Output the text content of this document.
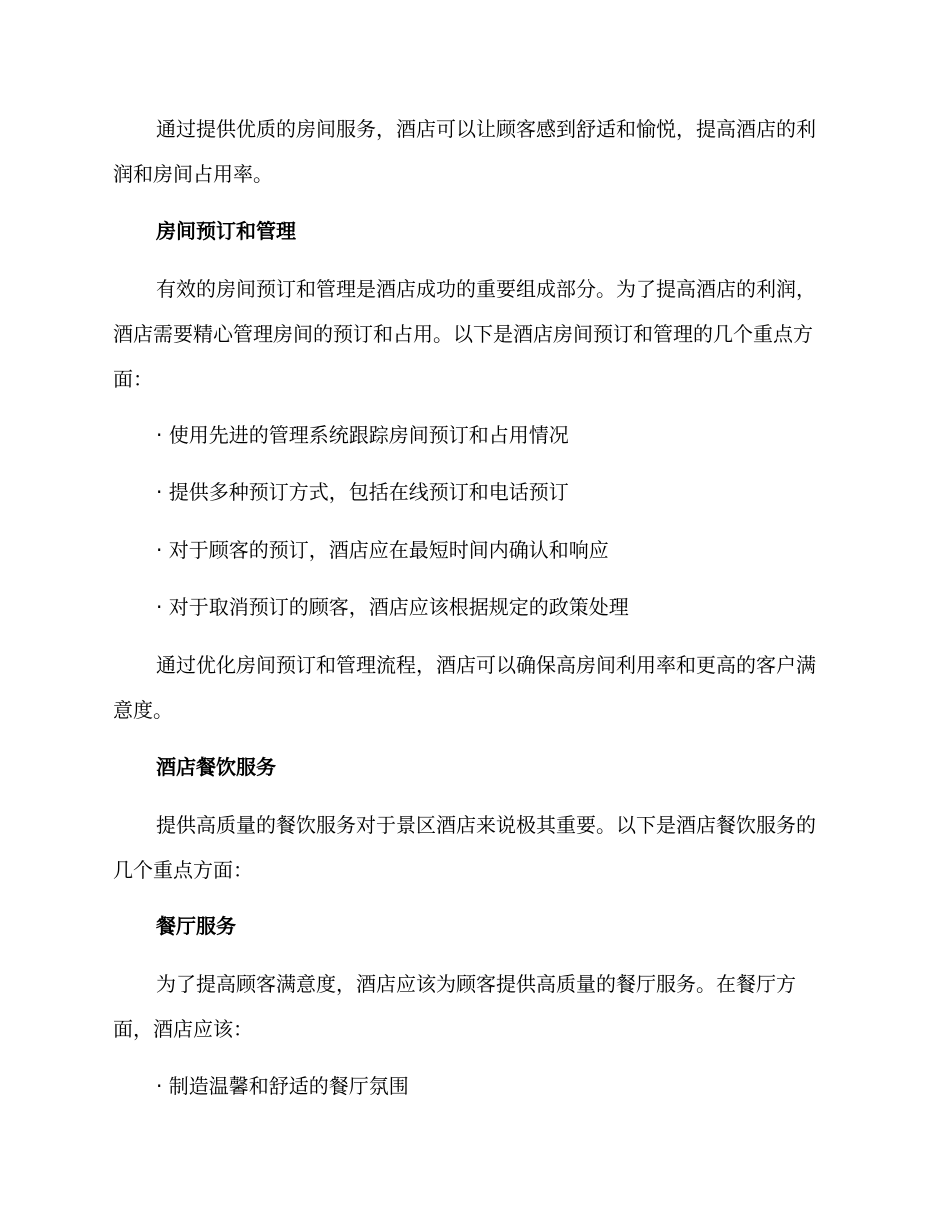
通过提供优质的房间服务，酒店可以让顾客感到舒适和愉悦，提高酒店的利润和房间占用率。
房间预订和管理
有效的房间预订和管理是酒店成功的重要组成部分。为了提高酒店的利润，酒店需要精心管理房间的预订和占用。以下是酒店房间预订和管理的几个重点方面：
· 使用先进的管理系统跟踪房间预订和占用情况
· 提供多种预订方式，包括在线预订和电话预订
· 对于顾客的预订，酒店应在最短时间内确认和响应
· 对于取消预订的顾客，酒店应该根据规定的政策处理
通过优化房间预订和管理流程，酒店可以确保高房间利用率和更高的客户满意度。
酒店餐饮服务
提供高质量的餐饮服务对于景区酒店来说极其重要。以下是酒店餐饮服务的几个重点方面：
餐厅服务
为了提高顾客满意度，酒店应该为顾客提供高质量的餐厅服务。在餐厅方面，酒店应该：
· 制造温馨和舒适的餐厅氛围
